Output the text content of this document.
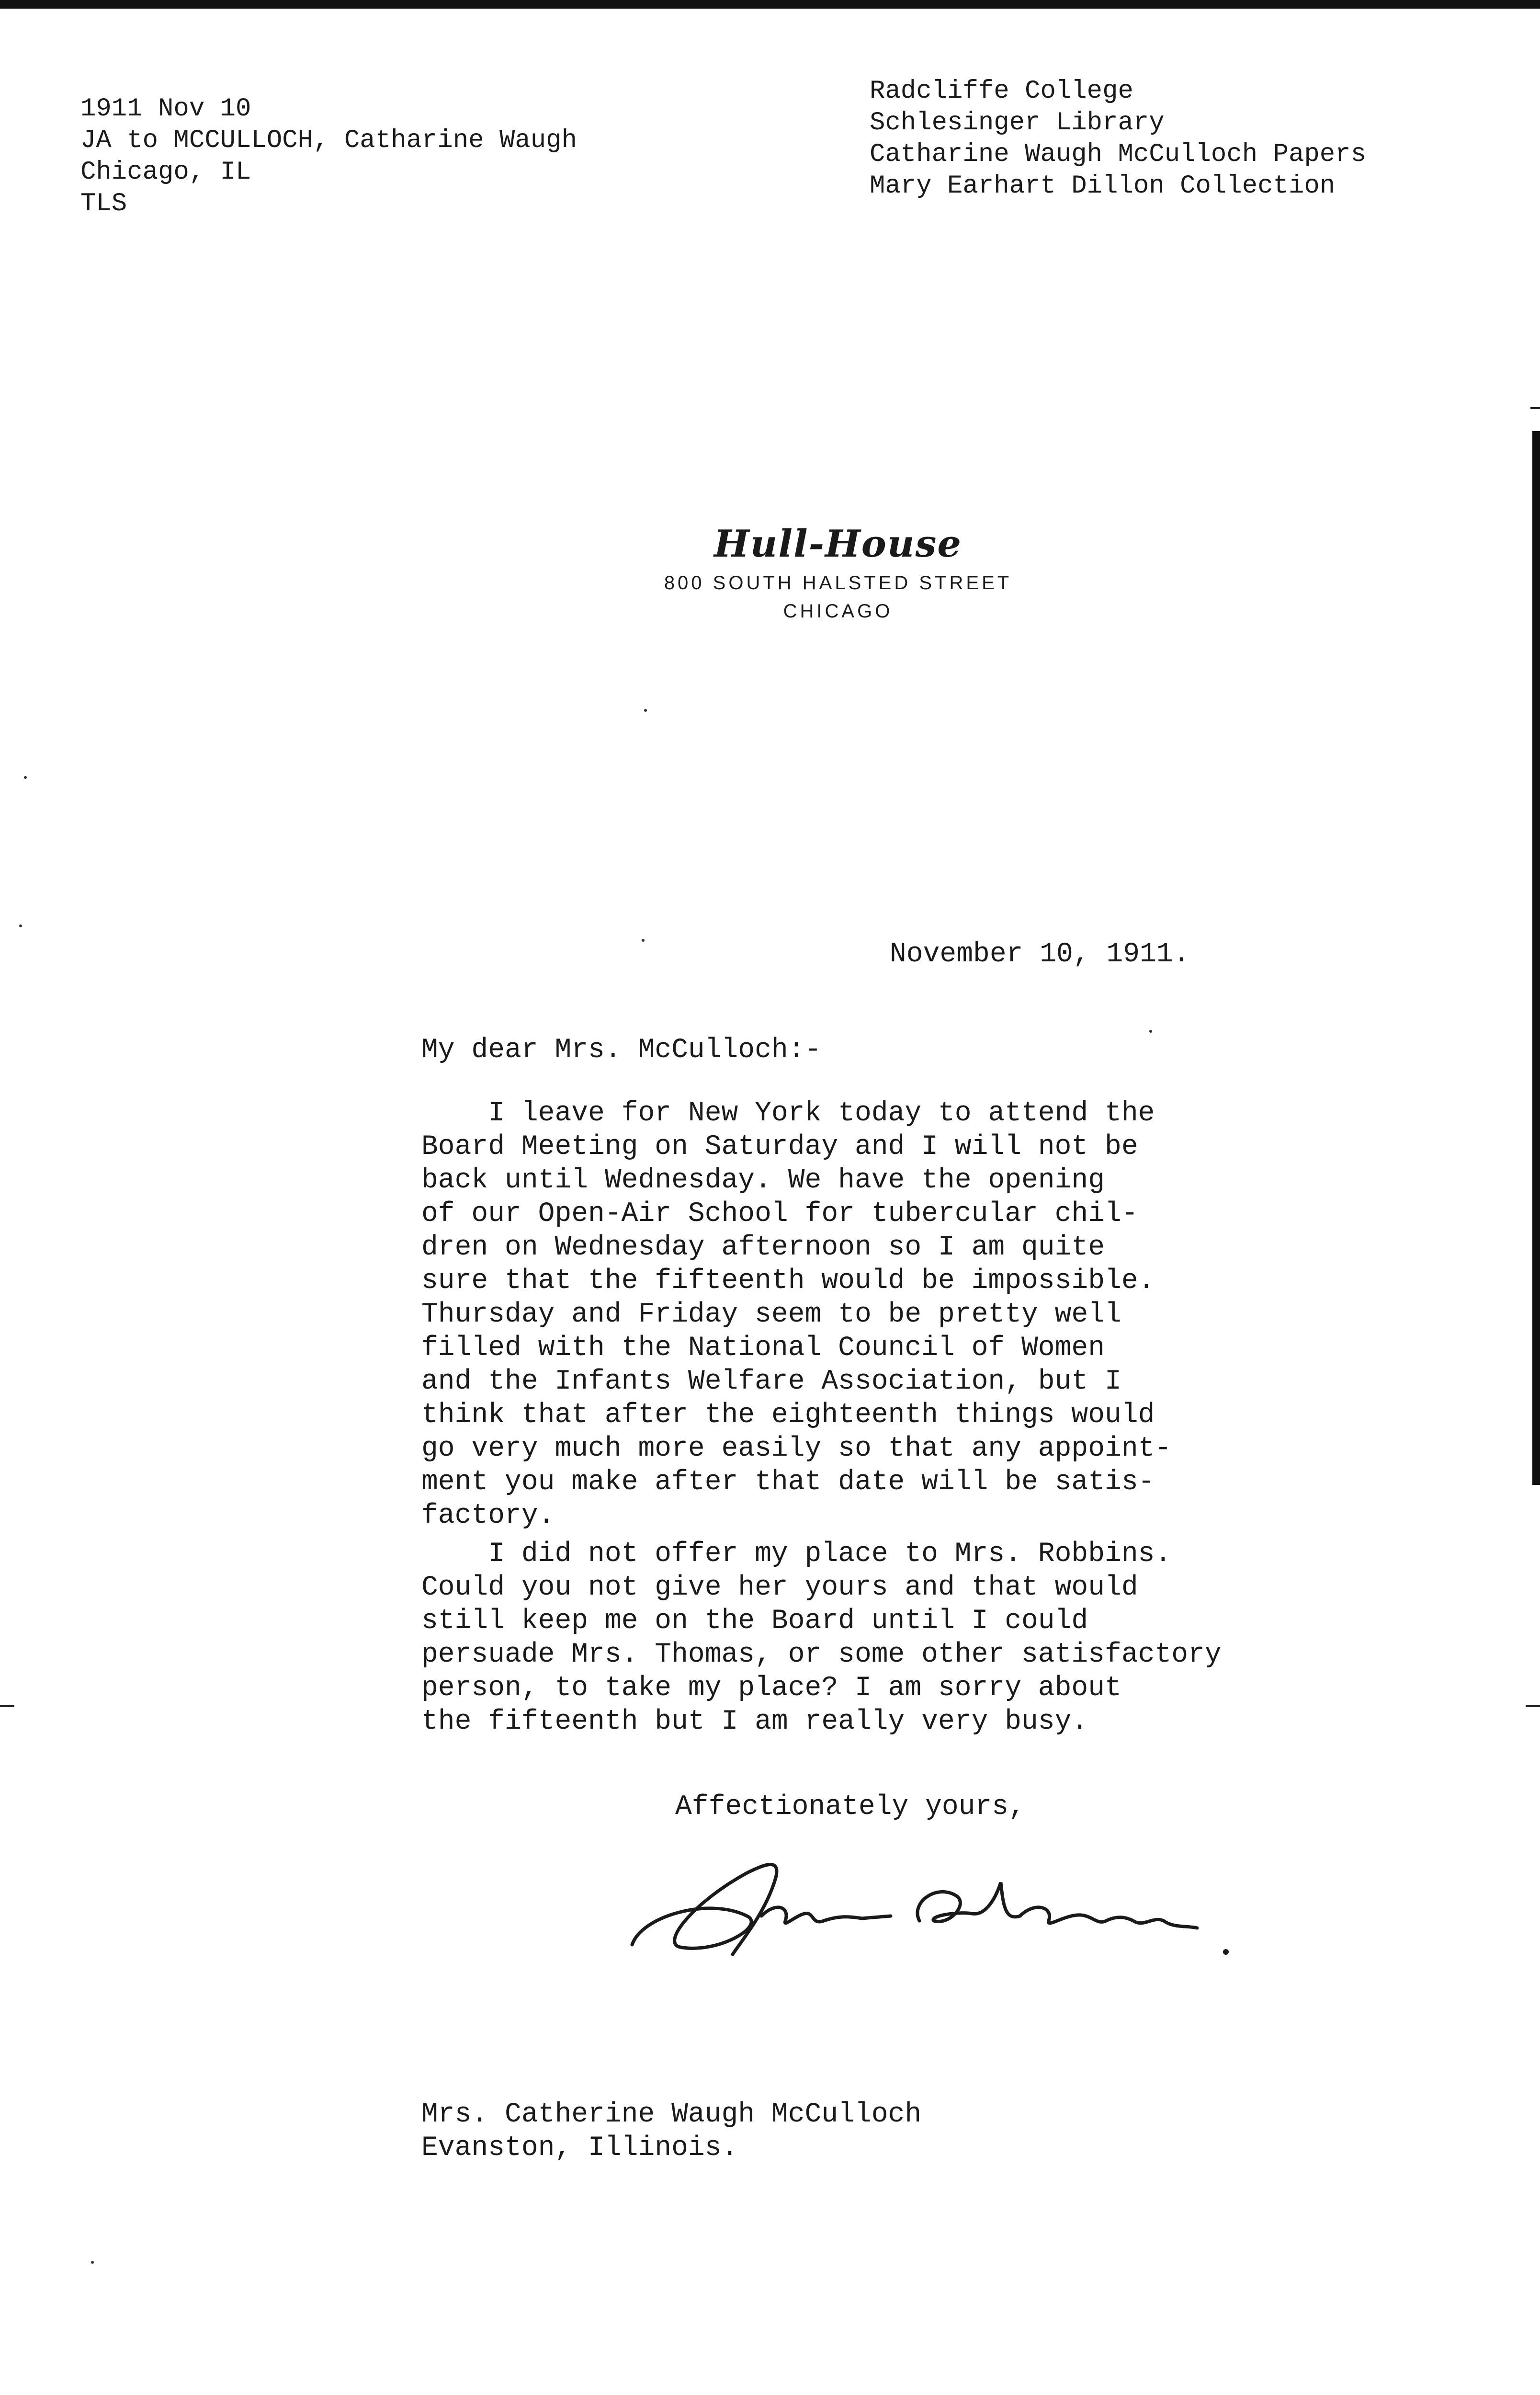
1911 Nov 10
JA to MCCULLOCH, Catharine Waugh
Chicago, IL
TLS
Radcliffe College
Schlesinger Library
Catharine Waugh McCulloch Papers
Mary Earhart Dillon Collection
Hull-House
800 SOUTH HALSTED STREET
CHICAGO
November 10, 1911.
My dear Mrs. McCulloch:-
I leave for New York today to attend the
Board Meeting on Saturday and I will not be
back until Wednesday. We have the opening
of our Open-Air School for tubercular chil-
dren on Wednesday afternoon so I am quite
sure that the fifteenth would be impossible.
Thursday and Friday seem to be pretty well
filled with the National Council of Women
and the Infants Welfare Association, but I
think that after the eighteenth things would
go very much more easily so that any appoint-
ment you make after that date will be satis-
factory.
I did not offer my place to Mrs. Robbins.
Could you not give her yours and that would
still keep me on the Board until I could
persuade Mrs. Thomas, or some other satisfactory
person, to take my place? I am sorry about
the fifteenth but I am really very busy.
Affectionately yours,
Mrs. Catherine Waugh McCulloch
Evanston, Illinois.
